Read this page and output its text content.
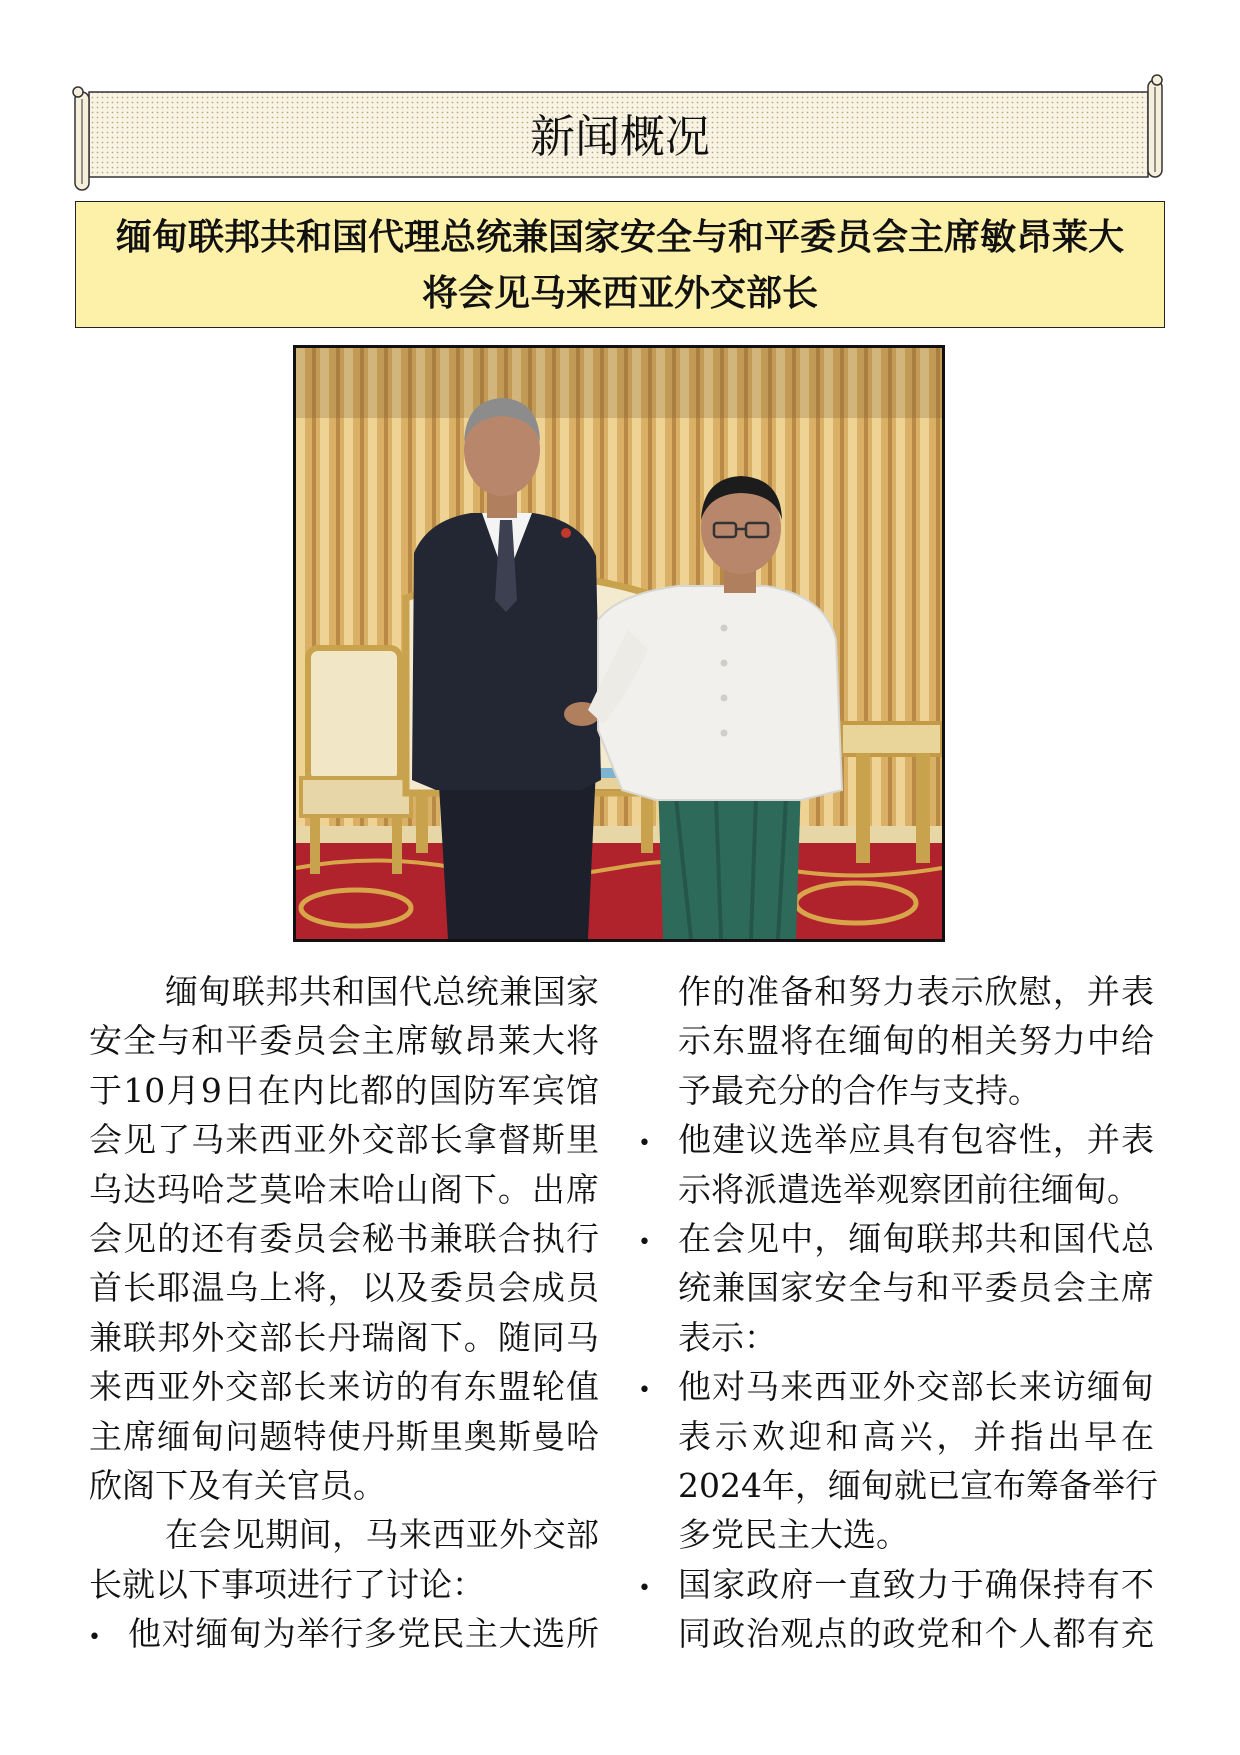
新闻概况
缅甸联邦共和国代理总统兼国家安全与和平委员会主席敏昂莱大
将会见马来西亚外交部长
缅甸联邦共和国代总统兼国家
安全与和平委员会主席敏昂莱大将
于10月9日在内比都的国防军宾馆
会见了马来西亚外交部长拿督斯里
乌达玛哈芝莫哈末哈山阁下。出席
会见的还有委员会秘书兼联合执行
首长耶温乌上将，以及委员会成员
兼联邦外交部长丹瑞阁下。随同马
来西亚外交部长来访的有东盟轮值
主席缅甸问题特使丹斯里奥斯曼哈
欣阁下及有关官员。
在会见期间，马来西亚外交部
长就以下事项进行了讨论：
• 他对缅甸为举行多党民主大选所
作的准备和努力表示欣慰，并表
示东盟将在缅甸的相关努力中给
予最充分的合作与支持。
• 他建议选举应具有包容性，并表
示将派遣选举观察团前往缅甸。
• 在会见中，缅甸联邦共和国代总
统兼国家安全与和平委员会主席
表示：
• 他对马来西亚外交部长来访缅甸
表示欢迎和高兴，并指出早在
2024年，缅甸就已宣布筹备举行
多党民主大选。
• 国家政府一直致力于确保持有不
同政治观点的政党和个人都有充
